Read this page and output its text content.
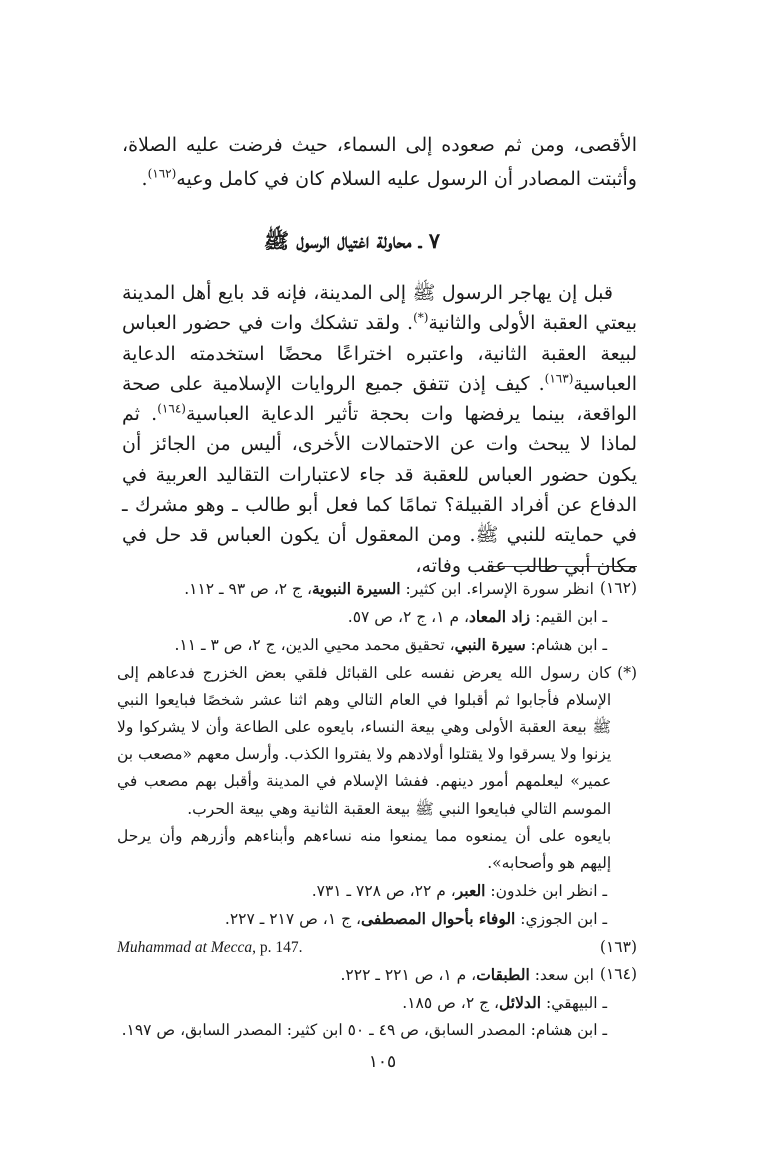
الأقصى، ومن ثم صعوده إلى السماء، حيث فرضت عليه الصلاة، وأثبتت المصادر أن الرسول عليه السلام كان في كامل وعيه$^{(١٦٢)}$.
٧ ـ محاولة اغتيال الرسول ﷺ
قبل إن يهاجر الرسول ﷺ إلى المدينة، فإنه قد بايع أهل المدينة بيعتي العقبة الأولى والثانية(*). ولقد تشكك وات في حضور العباس لبيعة العقبة الثانية، واعتبره اختراعًا محضًا استخدمته الدعاية العباسية$^{(١٦٣)}$. كيف إذن تتفق جميع الروايات الإسلامية على صحة الواقعة، بينما يرفضها وات بحجة تأثير الدعاية العباسية$^{(١٦٤)}$. ثم لماذا لا يبحث وات عن الاحتمالات الأخرى، أليس من الجائز أن يكون حضور العباس للعقبة قد جاء لاعتبارات التقاليد العربية في الدفاع عن أفراد القبيلة؟ تمامًا كما فعل أبو طالب ـ وهو مشرك ـ في حمايته للنبي ﷺ. ومن المعقول أن يكون العباس قد حل في مكان أبي طالب عقب وفاته،
(١٦٢)
انظر سورة الإسراء. ابن كثير: السيرة النبوية، ج ٢، ص ٩٣ ـ ١١٢.
ـ ابن القيم: زاد المعاد، م ١، ج ٢، ص ٥٧.
ـ ابن هشام: سيرة النبي، تحقيق محمد محيي الدين، ج ٢، ص ٣ ـ ١١.
(*)
كان رسول الله يعرض نفسه على القبائل فلقي بعض الخزرج فدعاهم إلى الإسلام فأجابوا ثم أقبلوا في العام التالي وهم اثنا عشر شخصًا فبايعوا النبي ﷺ بيعة العقبة الأولى وهي بيعة النساء، بايعوه على الطاعة وأن لا يشركوا ولا يزنوا ولا يسرقوا ولا يقتلوا أولادهم ولا يفتروا الكذب. وأرسل معهم «مصعب بن عمير» ليعلمهم أمور دينهم. ففشا الإسلام في المدينة وأقبل بهم مصعب في الموسم التالي فبايعوا النبي ﷺ بيعة العقبة الثانية وهي بيعة الحرب.
بايعوه على أن يمنعوه مما يمنعوا منه نساءهم وأبناءهم وأزرهم وأن يرحل إليهم هو وأصحابه».
ـ انظر ابن خلدون: العبر، م ٢٢، ص ٧٢٨ ـ ٧٣١.
ـ ابن الجوزي: الوفاء بأحوال المصطفى، ج ١، ص ٢١٧ ـ ٢٢٧.
(١٦٣)
Muhammad at Mecca, p. 147.
(١٦٤)
ابن سعد: الطبقات، م ١، ص ٢٢١ ـ ٢٢٢.
ـ البيهقي: الدلائل، ج ٢، ص ١٨٥.
ـ ابن هشام: المصدر السابق، ص ٤٩ ـ ٥٠ ابن كثير: المصدر السابق، ص ١٩٧.
١٠٥
